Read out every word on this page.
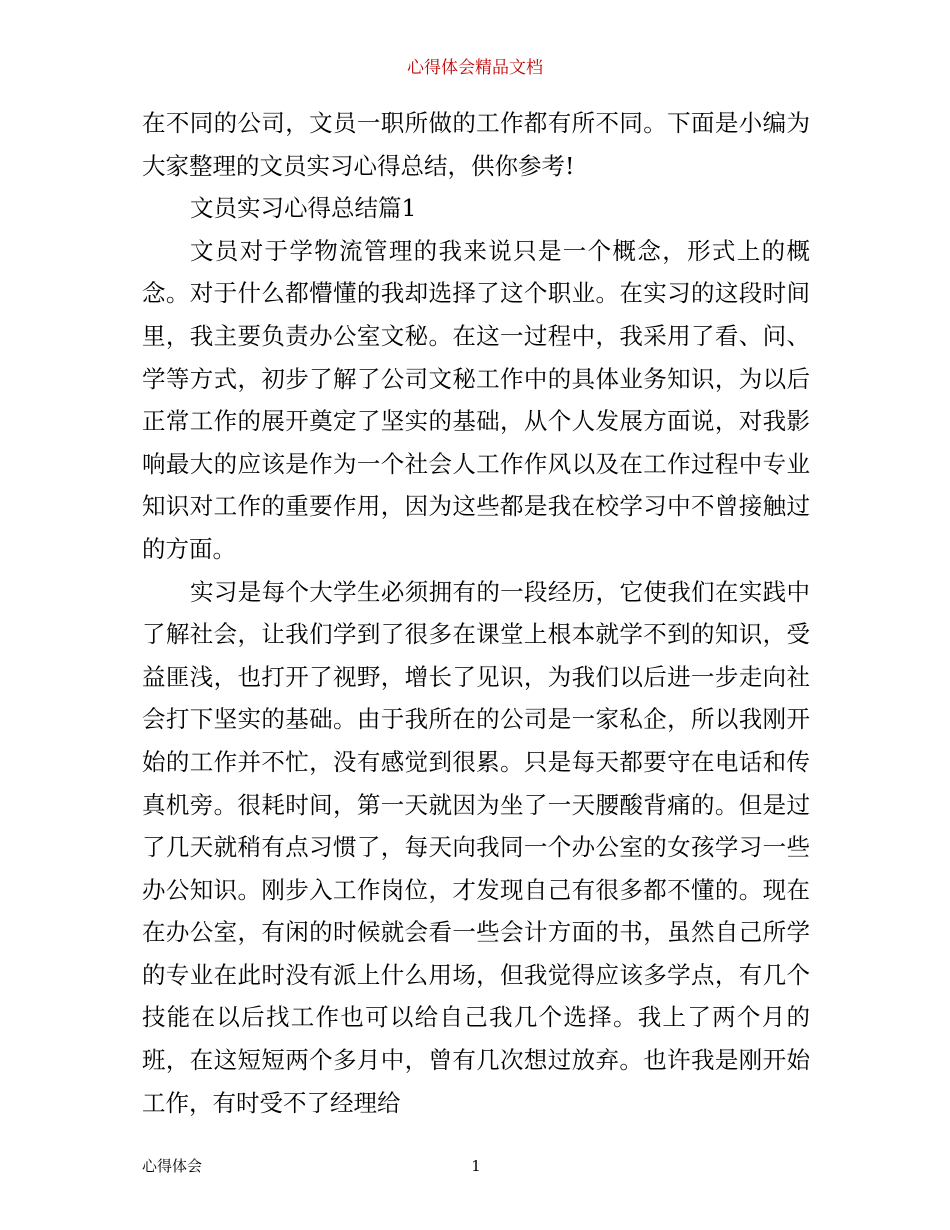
心得体会精品文档

在不同的公司，文员一职所做的工作都有所不同。下面是小编为大家整理的文员实习心得总结，供你参考!

文员实习心得总结篇1

文员对于学物流管理的我来说只是一个概念，形式上的概念。对于什么都懵懂的我却选择了这个职业。在实习的这段时间里，我主要负责办公室文秘。在这一过程中，我采用了看、问、学等方式，初步了解了公司文秘工作中的具体业务知识，为以后正常工作的展开奠定了坚实的基础，从个人发展方面说，对我影响最大的应该是作为一个社会人工作作风以及在工作过程中专业知识对工作的重要作用，因为这些都是我在校学习中不曾接触过的方面。

实习是每个大学生必须拥有的一段经历，它使我们在实践中了解社会，让我们学到了很多在课堂上根本就学不到的知识，受益匪浅，也打开了视野，增长了见识，为我们以后进一步走向社会打下坚实的基础。由于我所在的公司是一家私企，所以我刚开始的工作并不忙，没有感觉到很累。只是每天都要守在电话和传真机旁。很耗时间，第一天就因为坐了一天腰酸背痛的。但是过了几天就稍有点习惯了，每天向我同一个办公室的女孩学习一些办公知识。刚步入工作岗位，才发现自己有很多都不懂的。现在在办公室，有闲的时候就会看一些会计方面的书，虽然自己所学的专业在此时没有派上什么用场，但我觉得应该多学点，有几个技能在以后找工作也可以给自己我几个选择。我上了两个月的班，在这短短两个多月中，曾有几次想过放弃。也许我是刚开始工作，有时受不了经理给

心得体会	1
